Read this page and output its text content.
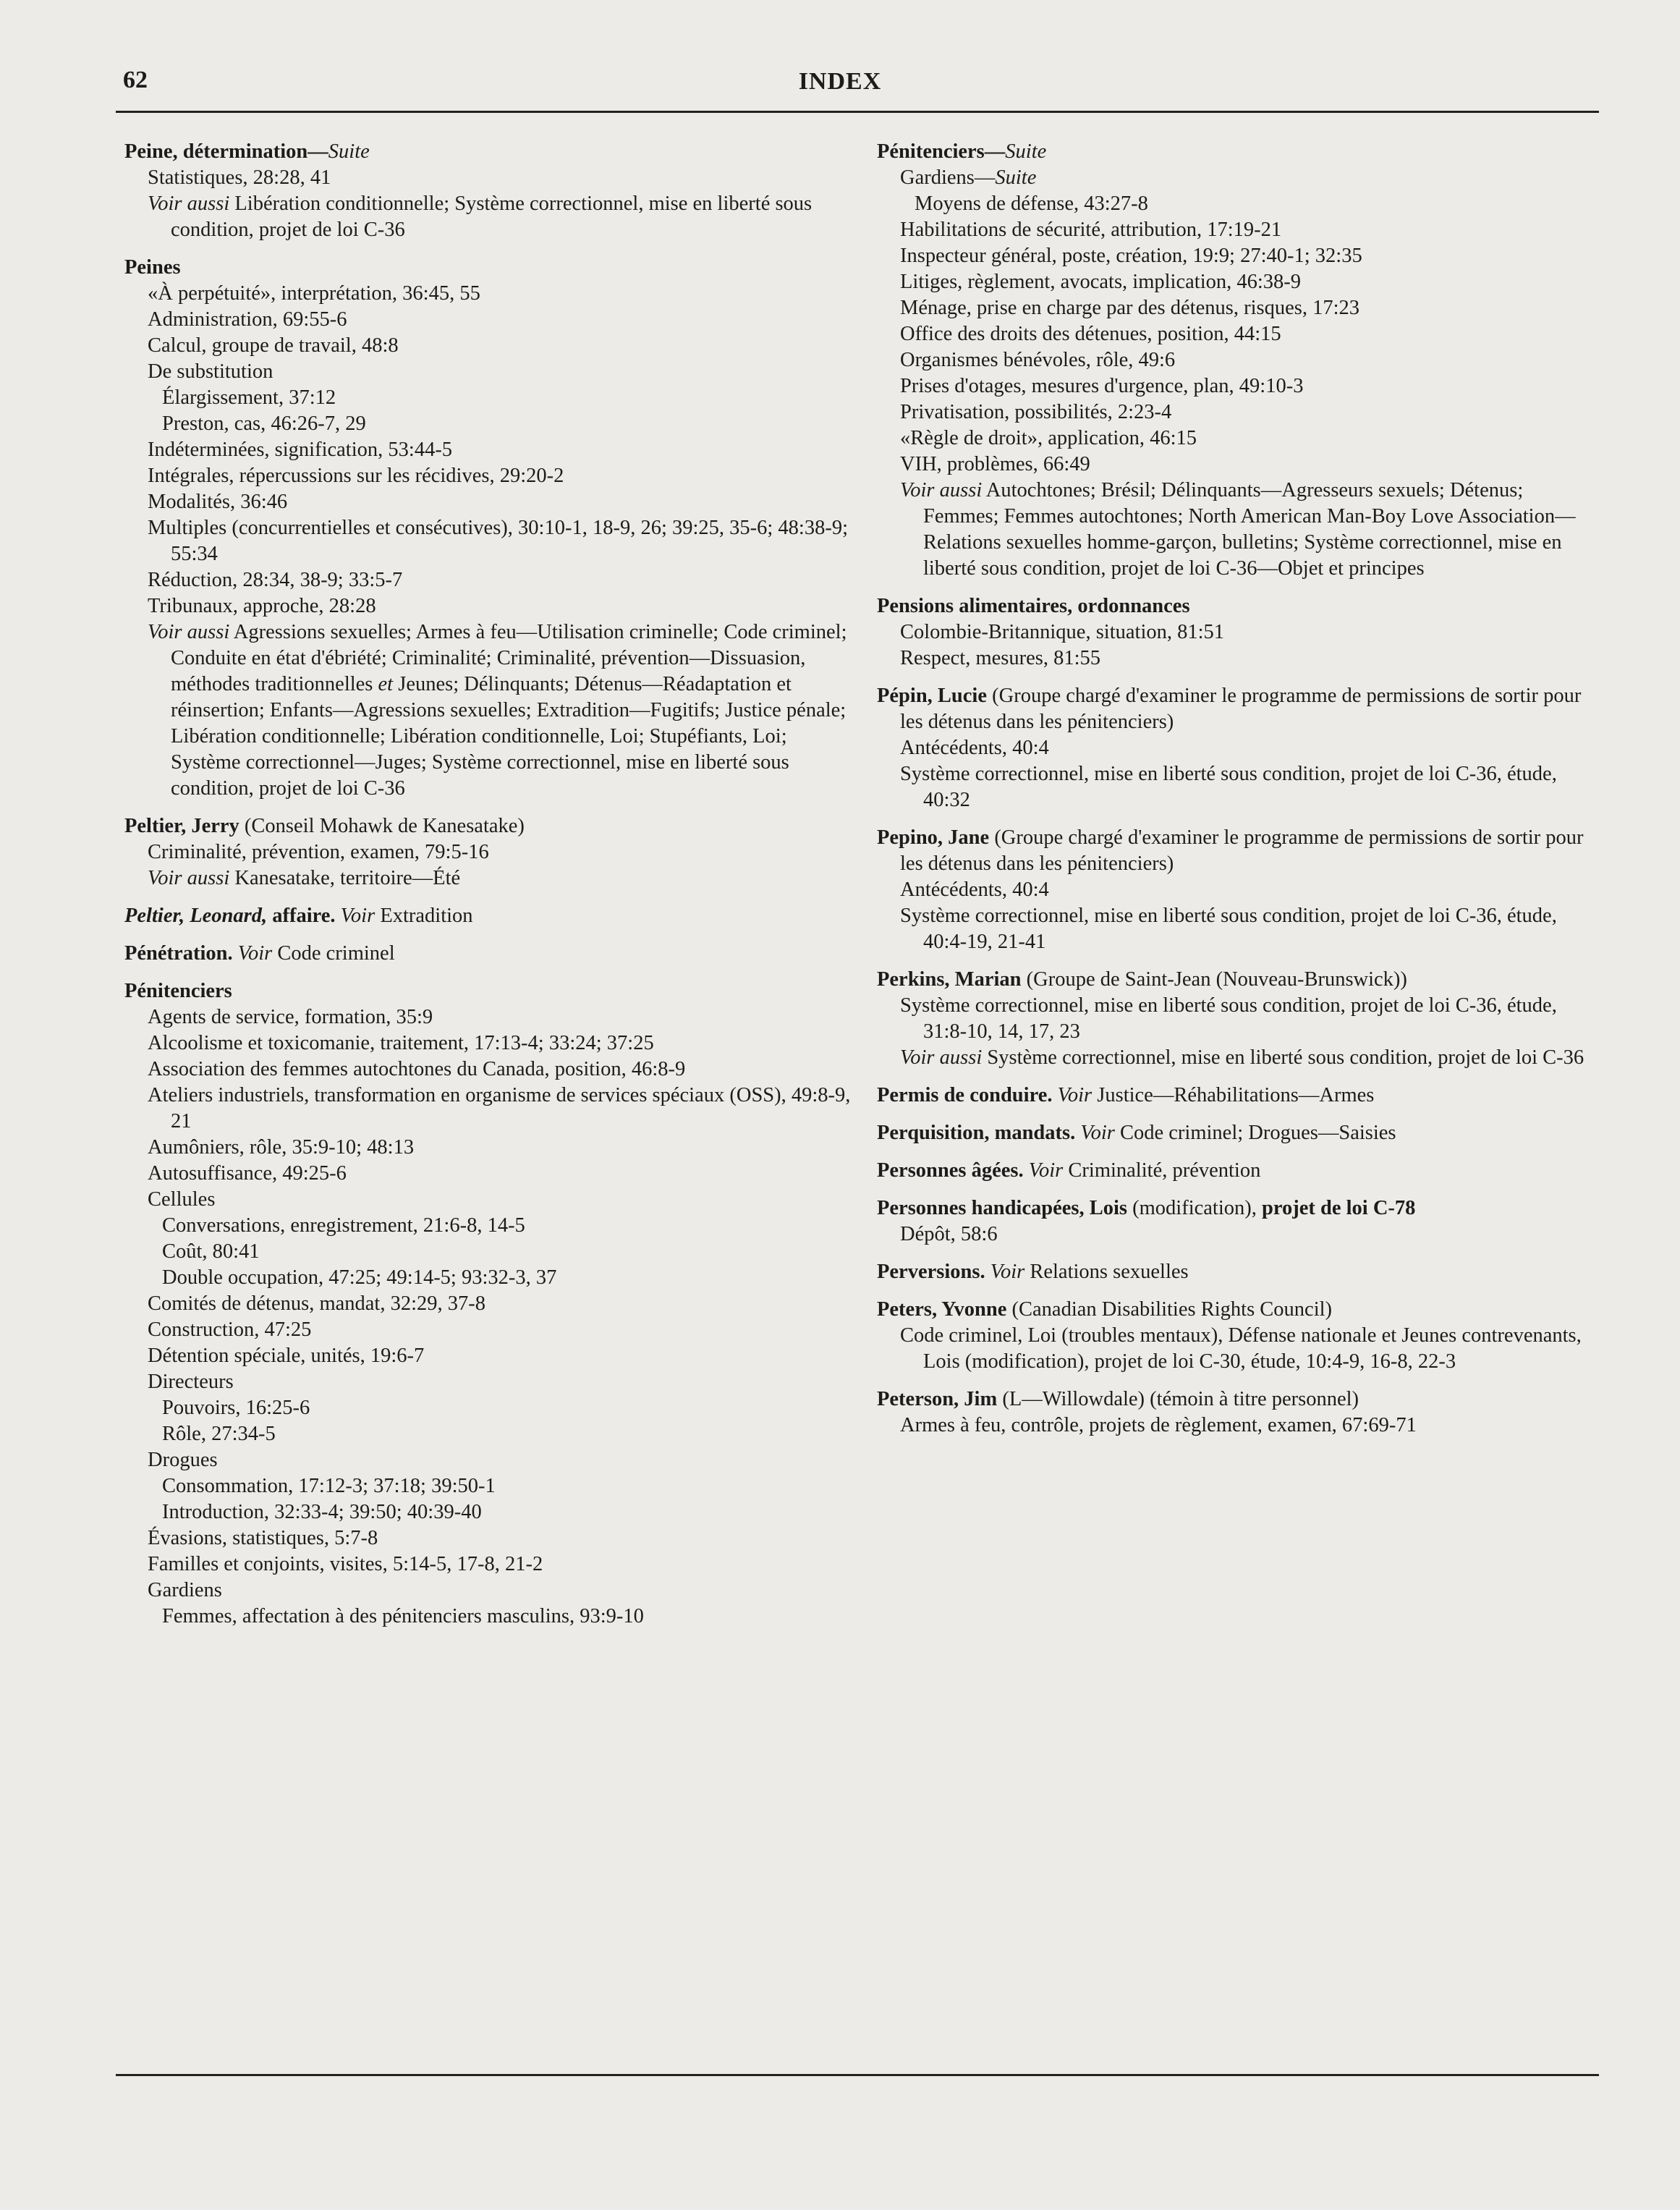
62	INDEX
Peine, détermination—Suite
Statistiques, 28:28, 41
Voir aussi Libération conditionnelle; Système correctionnel, mise en liberté sous condition, projet de loi C-36
Peines
«À perpétuité», interprétation, 36:45, 55
Administration, 69:55-6
Calcul, groupe de travail, 48:8
De substitution
Élargissement, 37:12
Preston, cas, 46:26-7, 29
Indéterminées, signification, 53:44-5
Intégrales, répercussions sur les récidives, 29:20-2
Modalités, 36:46
Multiples (concurrentielles et consécutives), 30:10-1, 18-9, 26; 39:25, 35-6; 48:38-9; 55:34
Réduction, 28:34, 38-9; 33:5-7
Tribunaux, approche, 28:28
Voir aussi Agressions sexuelles; Armes à feu—Utilisation criminelle; Code criminel; Conduite en état d'ébriété; Criminalité; Criminalité, prévention—Dissuasion, méthodes traditionnelles et Jeunes; Délinquants; Détenus—Réadaptation et réinsertion; Enfants—Agressions sexuelles; Extradition—Fugitifs; Justice pénale; Libération conditionnelle; Libération conditionnelle, Loi; Stupéfiants, Loi; Système correctionnel—Juges; Système correctionnel, mise en liberté sous condition, projet de loi C-36
Peltier, Jerry (Conseil Mohawk de Kanesatake)
Criminalité, prévention, examen, 79:5-16
Voir aussi Kanesatake, territoire—Été
Peltier, Leonard, affaire. Voir Extradition
Pénétration. Voir Code criminel
Pénitenciers
Agents de service, formation, 35:9
Alcoolisme et toxicomanie, traitement, 17:13-4; 33:24; 37:25
Association des femmes autochtones du Canada, position, 46:8-9
Ateliers industriels, transformation en organisme de services spéciaux (OSS), 49:8-9, 21
Aumôniers, rôle, 35:9-10; 48:13
Autosuffisance, 49:25-6
Cellules
Conversations, enregistrement, 21:6-8, 14-5
Coût, 80:41
Double occupation, 47:25; 49:14-5; 93:32-3, 37
Comités de détenus, mandat, 32:29, 37-8
Construction, 47:25
Détention spéciale, unités, 19:6-7
Directeurs
Pouvoirs, 16:25-6
Rôle, 27:34-5
Drogues
Consommation, 17:12-3; 37:18; 39:50-1
Introduction, 32:33-4; 39:50; 40:39-40
Évasions, statistiques, 5:7-8
Familles et conjoints, visites, 5:14-5, 17-8, 21-2
Gardiens
Femmes, affectation à des pénitenciers masculins, 93:9-10
Pénitenciers—Suite
Gardiens—Suite
Moyens de défense, 43:27-8
Habilitations de sécurité, attribution, 17:19-21
Inspecteur général, poste, création, 19:9; 27:40-1; 32:35
Litiges, règlement, avocats, implication, 46:38-9
Ménage, prise en charge par des détenus, risques, 17:23
Office des droits des détenues, position, 44:15
Organismes bénévoles, rôle, 49:6
Prises d'otages, mesures d'urgence, plan, 49:10-3
Privatisation, possibilités, 2:23-4
«Règle de droit», application, 46:15
VIH, problèmes, 66:49
Voir aussi Autochtones; Brésil; Délinquants—Agresseurs sexuels; Détenus; Femmes; Femmes autochtones; North American Man-Boy Love Association—Relations sexuelles homme-garçon, bulletins; Système correctionnel, mise en liberté sous condition, projet de loi C-36—Objet et principes
Pensions alimentaires, ordonnances
Colombie-Britannique, situation, 81:51
Respect, mesures, 81:55
Pépin, Lucie (Groupe chargé d'examiner le programme de permissions de sortir pour les détenus dans les pénitenciers)
Antécédents, 40:4
Système correctionnel, mise en liberté sous condition, projet de loi C-36, étude, 40:32
Pepino, Jane (Groupe chargé d'examiner le programme de permissions de sortir pour les détenus dans les pénitenciers)
Antécédents, 40:4
Système correctionnel, mise en liberté sous condition, projet de loi C-36, étude, 40:4-19, 21-41
Perkins, Marian (Groupe de Saint-Jean (Nouveau-Brunswick))
Système correctionnel, mise en liberté sous condition, projet de loi C-36, étude, 31:8-10, 14, 17, 23
Voir aussi Système correctionnel, mise en liberté sous condition, projet de loi C-36
Permis de conduire. Voir Justice—Réhabilitations—Armes
Perquisition, mandats. Voir Code criminel; Drogues—Saisies
Personnes âgées. Voir Criminalité, prévention
Personnes handicapées, Lois (modification), projet de loi C-78
Dépôt, 58:6
Perversions. Voir Relations sexuelles
Peters, Yvonne (Canadian Disabilities Rights Council)
Code criminel, Loi (troubles mentaux), Défense nationale et Jeunes contrevenants, Lois (modification), projet de loi C-30, étude, 10:4-9, 16-8, 22-3
Peterson, Jim (L—Willowdale) (témoin à titre personnel)
Armes à feu, contrôle, projets de règlement, examen, 67:69-71
